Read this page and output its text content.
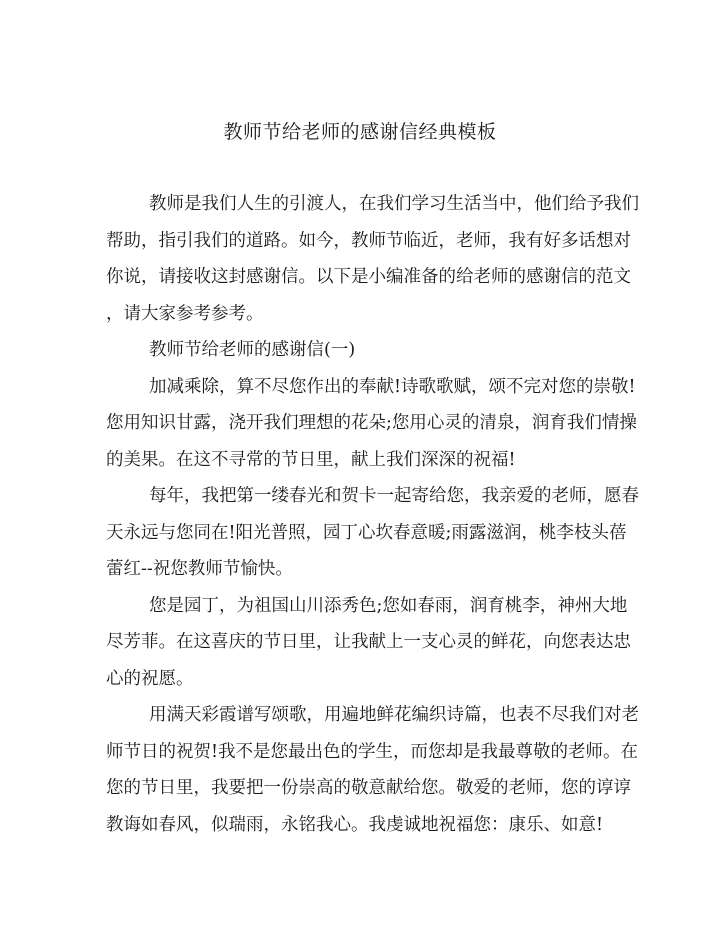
教师节给老师的感谢信经典模板
教师是我们人生的引渡人，在我们学习生活当中，他们给予我们
帮助，指引我们的道路。如今，教师节临近，老师，我有好多话想对
你说，请接收这封感谢信。以下是小编准备的给老师的感谢信的范文
，请大家参考参考。
教师节给老师的感谢信(一)
加减乘除，算不尽您作出的奉献!诗歌歌赋，颂不完对您的崇敬!
您用知识甘露，浇开我们理想的花朵;您用心灵的清泉，润育我们情操
的美果。在这不寻常的节日里，献上我们深深的祝福!
每年，我把第一缕春光和贺卡一起寄给您，我亲爱的老师，愿春
天永远与您同在!阳光普照，园丁心坎春意暖;雨露滋润，桃李枝头蓓
蕾红--祝您教师节愉快。
您是园丁，为祖国山川添秀色;您如春雨，润育桃李，神州大地
尽芳菲。在这喜庆的节日里，让我献上一支心灵的鲜花，向您表达忠
心的祝愿。
用满天彩霞谱写颂歌，用遍地鲜花编织诗篇，也表不尽我们对老
师节日的祝贺!我不是您最出色的学生，而您却是我最尊敬的老师。在
您的节日里，我要把一份崇高的敬意献给您。敬爱的老师，您的谆谆
教诲如春风，似瑞雨，永铭我心。我虔诚地祝福您：康乐、如意!
